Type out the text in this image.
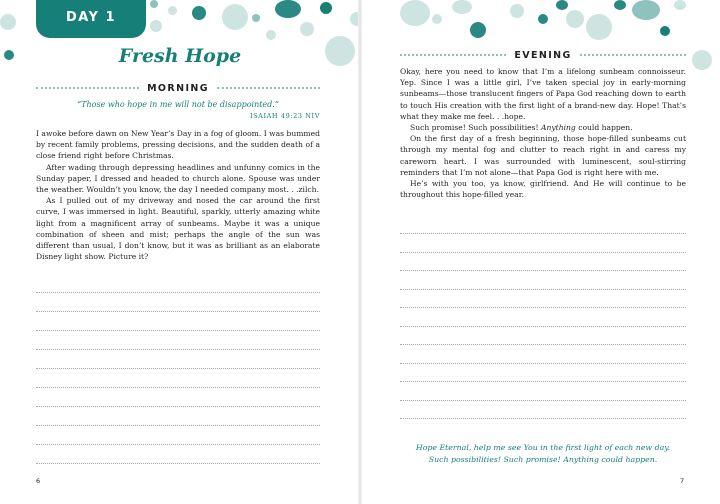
DAY 1
Fresh Hope
MORNING
“Those who hope in me will not be disappointed.”
ISAIAH 49:23 NIV

I awoke before dawn on New Year’s Day in a fog of gloom. I was bummed by recent family problems, pressing decisions, and the sudden death of a close friend right before Christmas.

After wading through depressing headlines and unfunny comics in the Sunday paper, I dressed and headed to church alone. Spouse was under the weather. Wouldn’t you know, the day I needed company most. . .zilch.

As I pulled out of my driveway and nosed the car around the first curve, I was immersed in light. Beautiful, sparkly, utterly amazing white light from a magnificent array of sunbeams. Maybe it was a unique combination of sheen and mist; perhaps the angle of the sun was different than usual, I don’t know, but it was as brilliant as an elaborate Disney light show. Picture it?

6
EVENING

Okay, here you need to know that I’m a lifelong sunbeam connoisseur. Yep. Since I was a little girl, I’ve taken special joy in early-morning sunbeams—those translucent fingers of Papa God reaching down to earth to touch His creation with the first light of a brand-new day. Hope! That’s what they make me feel. . .hope.

Such promise! Such possibilities! Anything could happen.

On the first day of a fresh beginning, those hope-filled sunbeams cut through my mental fog and clutter to reach right in and caress my careworn heart. I was surrounded with luminescent, soul-stirring reminders that I’m not alone—that Papa God is right here with me.

He’s with you too, ya know, girlfriend. And He will continue to be throughout this hope-filled year.

Hope Eternal, help me see You in the first light of each new day.
Such possibilities! Such promise! Anything could happen.
7
